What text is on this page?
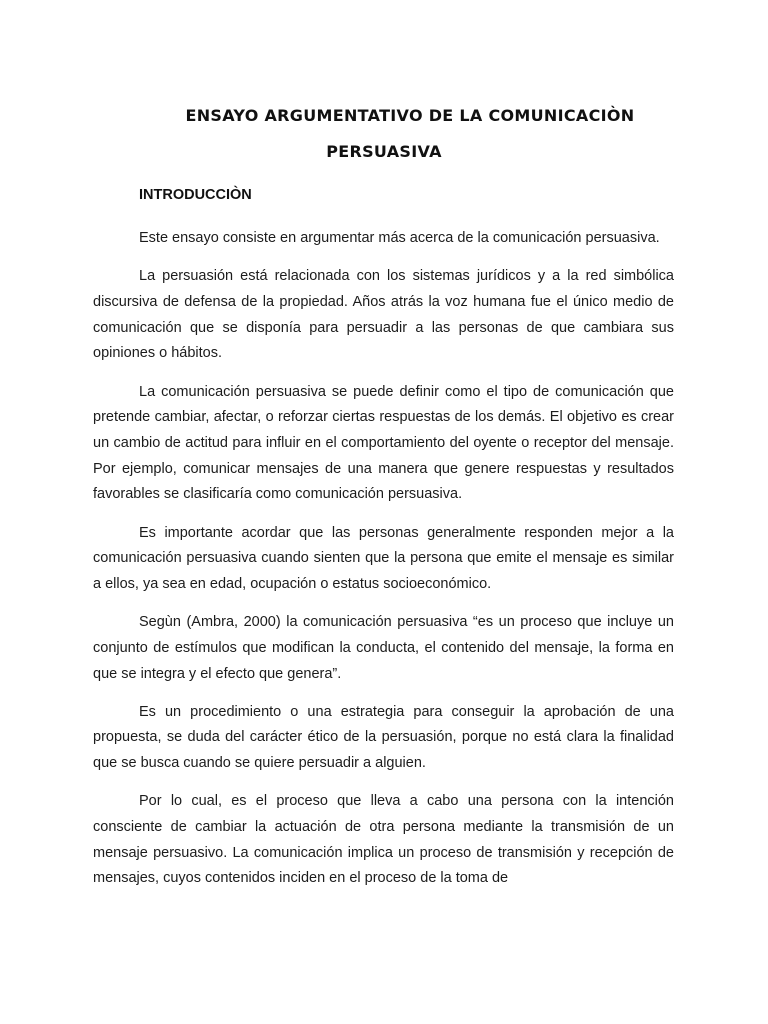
ENSAYO ARGUMENTATIVO DE LA COMUNICACIÒN
PERSUASIVA
INTRODUCCIÒN

Este ensayo consiste en argumentar más acerca de la comunicación persuasiva.

La persuasión está relacionada con los sistemas jurídicos y a la red simbólica discursiva de defensa de la propiedad. Años atrás la voz humana fue el único medio de comunicación que se disponía para persuadir a las personas de que cambiara sus opiniones o hábitos.

La comunicación persuasiva se puede definir como el tipo de comunicación que pretende cambiar, afectar, o reforzar ciertas respuestas de los demás. El objetivo es crear un cambio de actitud para influir en el comportamiento del oyente o receptor del mensaje. Por ejemplo, comunicar mensajes de una manera que genere respuestas y resultados favorables se clasificaría como comunicación persuasiva.

Es importante acordar que las personas generalmente responden mejor a la comunicación persuasiva cuando sienten que la persona que emite el mensaje es similar a ellos, ya sea en edad, ocupación o estatus socioeconómico.

Segùn (Ambra, 2000) la comunicación persuasiva “es un proceso que incluye un conjunto de estímulos que modifican la conducta, el contenido del mensaje, la forma en que se integra y el efecto que genera”.

Es un procedimiento o una estrategia para conseguir la aprobación de una propuesta, se duda del carácter ético de la persuasión, porque no está clara la finalidad que se busca cuando se quiere persuadir a alguien.

Por lo cual, es el proceso que lleva a cabo una persona con la intención consciente de cambiar la actuación de otra persona mediante la transmisión de un mensaje persuasivo. La comunicación implica un proceso de transmisión y recepción de mensajes, cuyos contenidos inciden en el proceso de la toma de
